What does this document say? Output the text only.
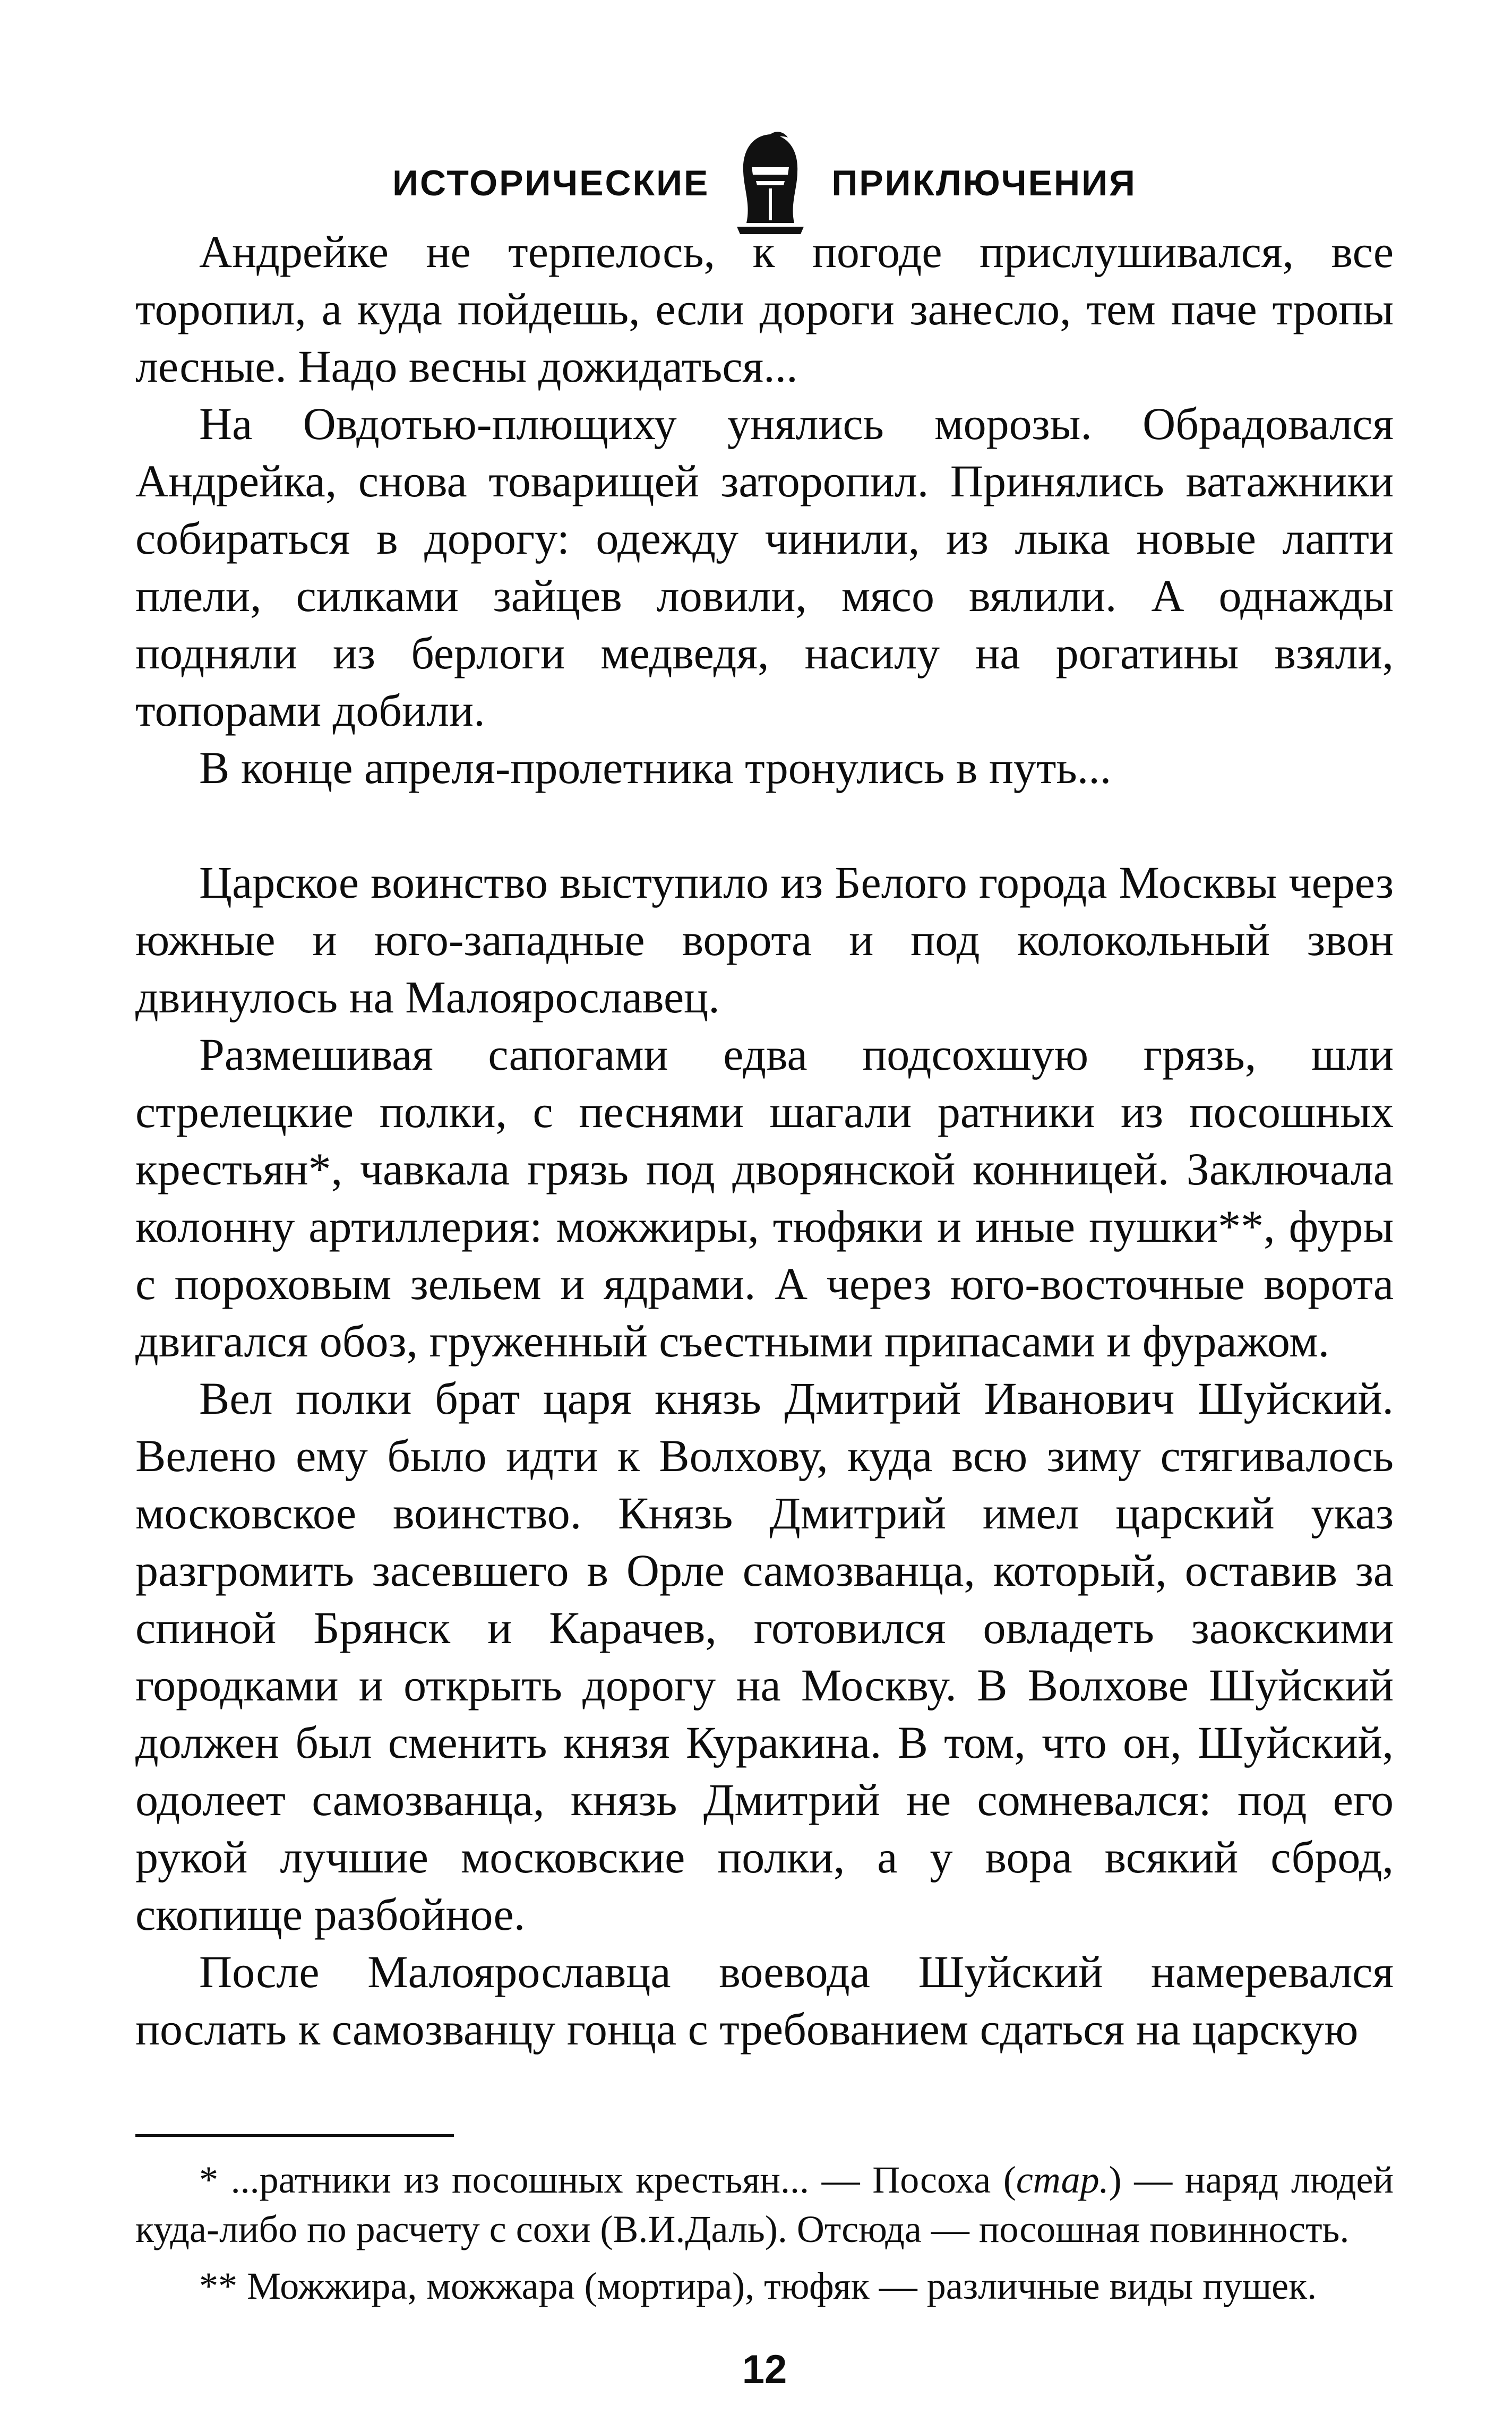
ИСТОРИЧЕСКИЕ	ПРИКЛЮЧЕНИЯ

Андрейке не терпелось, к погоде прислушивался, все торопил, а куда пойдешь, если дороги занесло, тем паче тропы лесные. Надо весны дожидаться...

На Овдотью-плющиху унялись морозы. Обрадовался Андрейка, снова товарищей заторопил. Принялись ватажники собираться в дорогу: одежду чинили, из лыка новые лапти плели, силками зайцев ловили, мясо вялили. А однажды подняли из берлоги медведя, насилу на рогатины взяли, топорами добили.

В конце апреля-пролетника тронулись в путь...

Царское воинство выступило из Белого города Москвы через южные и юго-западные ворота и под колокольный звон двинулось на Малоярославец.

Размешивая сапогами едва подсохшую грязь, шли стрелецкие полки, с песнями шагали ратники из посошных крестьян*, чавкала грязь под дворянской конницей. Заключала колонну артиллерия: можжиры, тюфяки и иные пушки**, фуры с пороховым зельем и ядрами. А через юго-восточные ворота двигался обоз, груженный съестными припасами и фуражом.

Вел полки брат царя князь Дмитрий Иванович Шуйский. Велено ему было идти к Волхову, куда всю зиму стягивалось московское воинство. Князь Дмитрий имел царский указ разгромить засевшего в Орле самозванца, который, оставив за спиной Брянск и Карачев, готовился овладеть заокскими городками и открыть дорогу на Москву. В Волхове Шуйский должен был сменить князя Куракина. В том, что он, Шуйский, одолеет самозванца, князь Дмитрий не сомневался: под его рукой лучшие московские полки, а у вора всякий сброд, скопище разбойное.

После Малоярославца воевода Шуйский намеревался послать к самозванцу гонца с требованием сдаться на царскую

* ...ратники из посошных крестьян... — Посоха (стар.) — наряд людей куда-либо по расчету с сохи (В.И.Даль). Отсюда — посошная повинность.

** Можжира, можжара (мортира), тюфяк — различные виды пушек.

12
